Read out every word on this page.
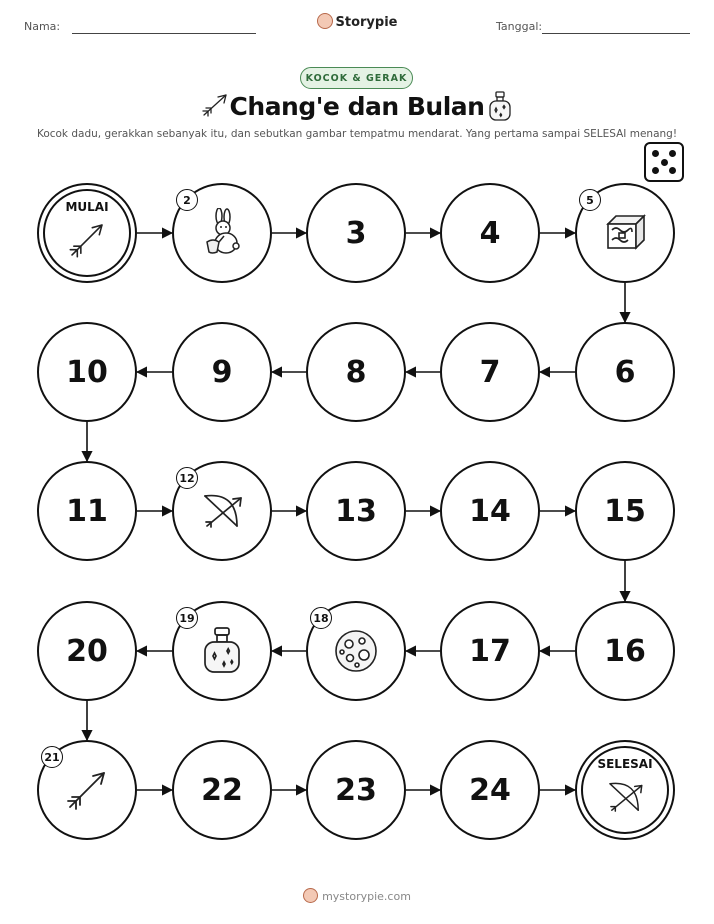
Nama:	Storypie	Tanggal:
KOCOK & GERAK
Chang'e dan Bulan
Kocok dadu, gerakkan sebanyak itu, dan sebutkan gambar tempatmu mendarat. Yang pertama sampai SELESAI menang!
MULAI	2
3	4
5
6
7
8
9
10
11
12
13	14	15
16
17
18
19
20
21
22	23	24
SELESAI
mystorypie.com
